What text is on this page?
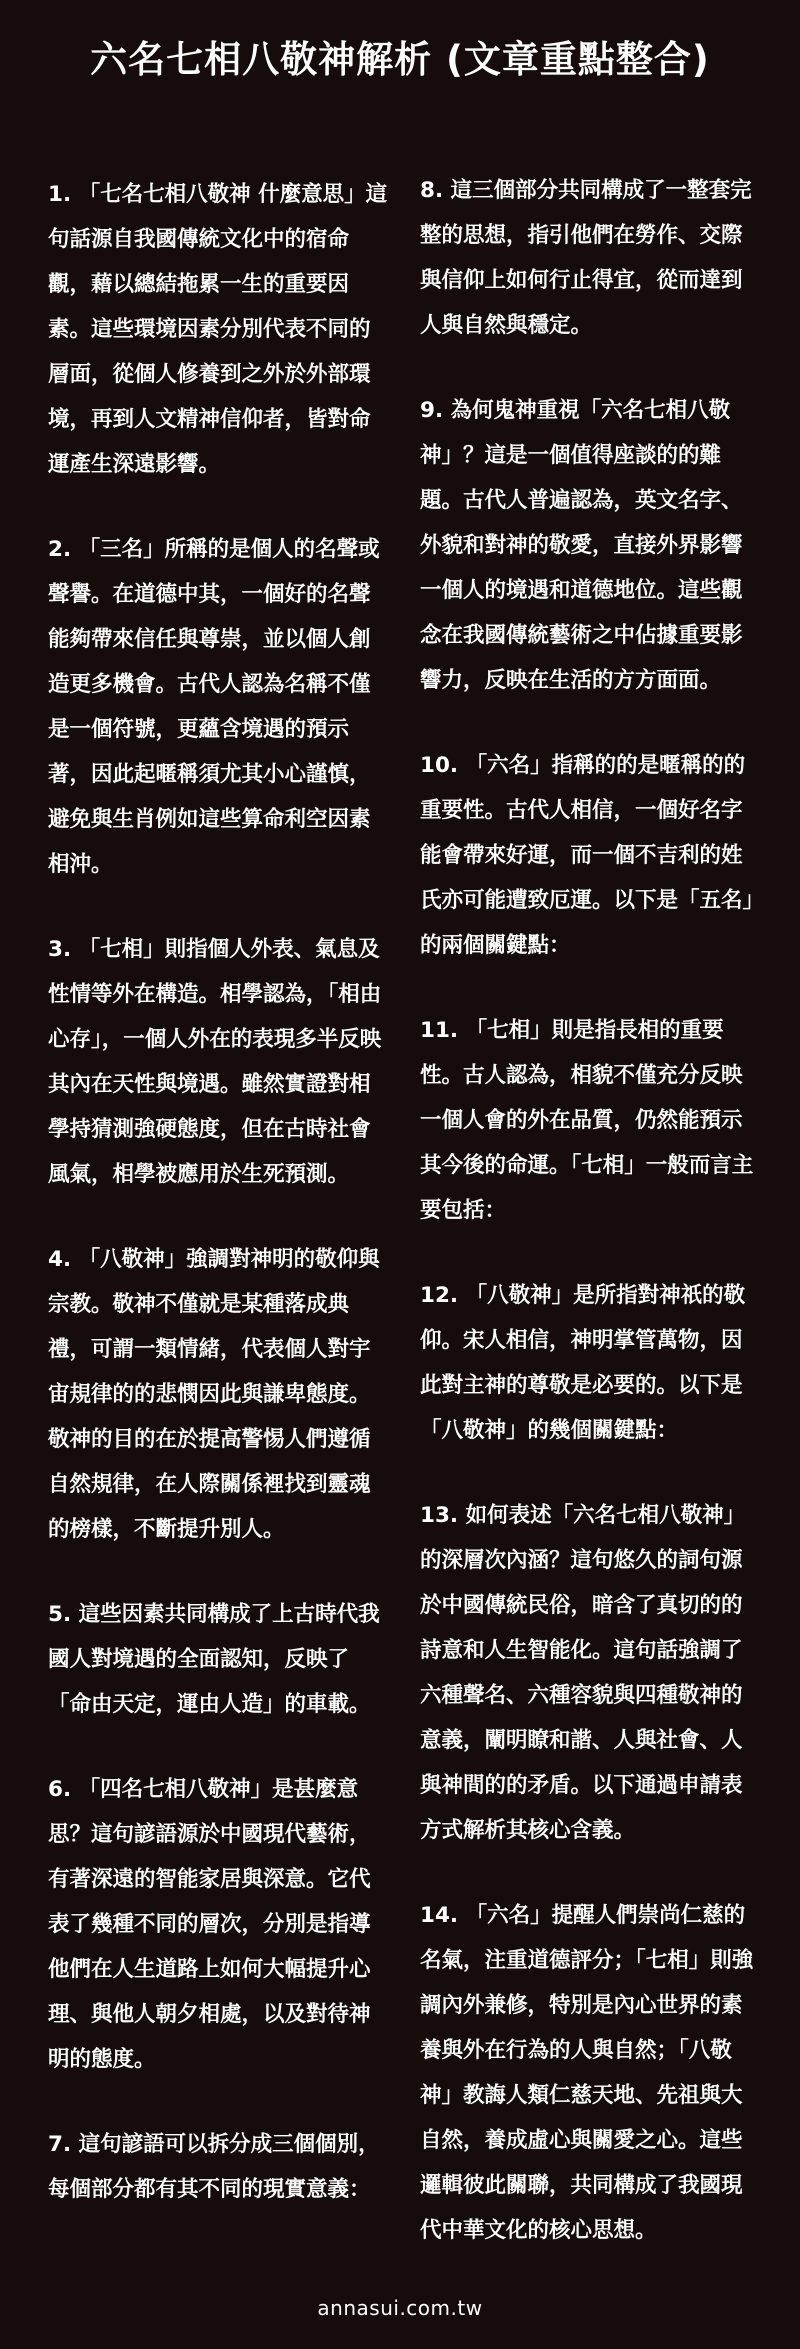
六名七相八敬神解析 (文章重點整合)

1. 「七名七相八敬神 什麼意思」這句話源自我國傳統文化中的宿命觀，藉以總結拖累一生的重要因素。這些環境因素分別代表不同的層面，從個人修養到之外於外部環境，再到人文精神信仰者，皆對命運產生深遠影響。

2. 「三名」所稱的是個人的名聲或聲譽。在道德中其，一個好的名聲能夠帶來信任與尊崇，並以個人創造更多機會。古代人認為名稱不僅是一個符號，更蘊含境遇的預示著，因此起暱稱須尤其小心謹慎，避免與生肖例如這些算命利空因素相沖。

3. 「七相」則指個人外表、氣息及性情等外在構造。相學認為，「相由心存」，一個人外在的表現多半反映其內在天性與境遇。雖然實證對相學持猜測強硬態度，但在古時社會風氣，相學被應用於生死預測。

4. 「八敬神」強調對神明的敬仰與宗教。敬神不僅就是某種落成典禮，可謂一類情緒，代表個人對宇宙規律的的悲憫因此與謙卑態度。敬神的目的在於提高警惕人們遵循自然規律，在人際關係裡找到靈魂的榜樣，不斷提升別人。

5. 這些因素共同構成了上古時代我國人對境遇的全面認知，反映了「命由天定，運由人造」的車載。

6. 「四名七相八敬神」是甚麼意思？這句諺語源於中國現代藝術，有著深遠的智能家居與深意。它代表了幾種不同的層次，分別是指導他們在人生道路上如何大幅提升心理、與他人朝夕相處，以及對待神明的態度。

7. 這句諺語可以拆分成三個個別，每個部分都有其不同的現實意義：

8. 這三個部分共同構成了一整套完整的思想，指引他們在勞作、交際與信仰上如何行止得宜，從而達到人與自然與穩定。

9. 為何鬼神重視「六名七相八敬神」？這是一個值得座談的的難題。古代人普遍認為，英文名字、外貌和對神的敬愛，直接外界影響一個人的境遇和道德地位。這些觀念在我國傳統藝術之中佔據重要影響力，反映在生活的方方面面。

10. 「六名」指稱的的是暱稱的的重要性。古代人相信，一個好名字能會帶來好運，而一個不吉利的姓氏亦可能遭致厄運。以下是「五名」的兩個關鍵點：

11. 「七相」則是指長相的重要性。古人認為，相貌不僅充分反映一個人會的外在品質，仍然能預示其今後的命運。「七相」一般而言主要包括：

12. 「八敬神」是所指對神祇的敬仰。宋人相信，神明掌管萬物，因此對主神的尊敬是必要的。以下是「八敬神」的幾個關鍵點：

13. 如何表述「六名七相八敬神」的深層次內涵？這句悠久的詞句源於中國傳統民俗，暗含了真切的的詩意和人生智能化。這句話強調了六種聲名、六種容貌與四種敬神的意義，闡明瞭和諧、人與社會、人與神間的的矛盾。以下通過申請表方式解析其核心含義。

14. 「六名」提醒人們崇尚仁慈的名氣，注重道德評分；「七相」則強調內外兼修，特別是內心世界的素養與外在行為的人與自然；「八敬神」教誨人類仁慈天地、先祖與大自然，養成虛心與關愛之心。這些邏輯彼此關聯，共同構成了我國現代中華文化的核心思想。

annasui.com.tw
